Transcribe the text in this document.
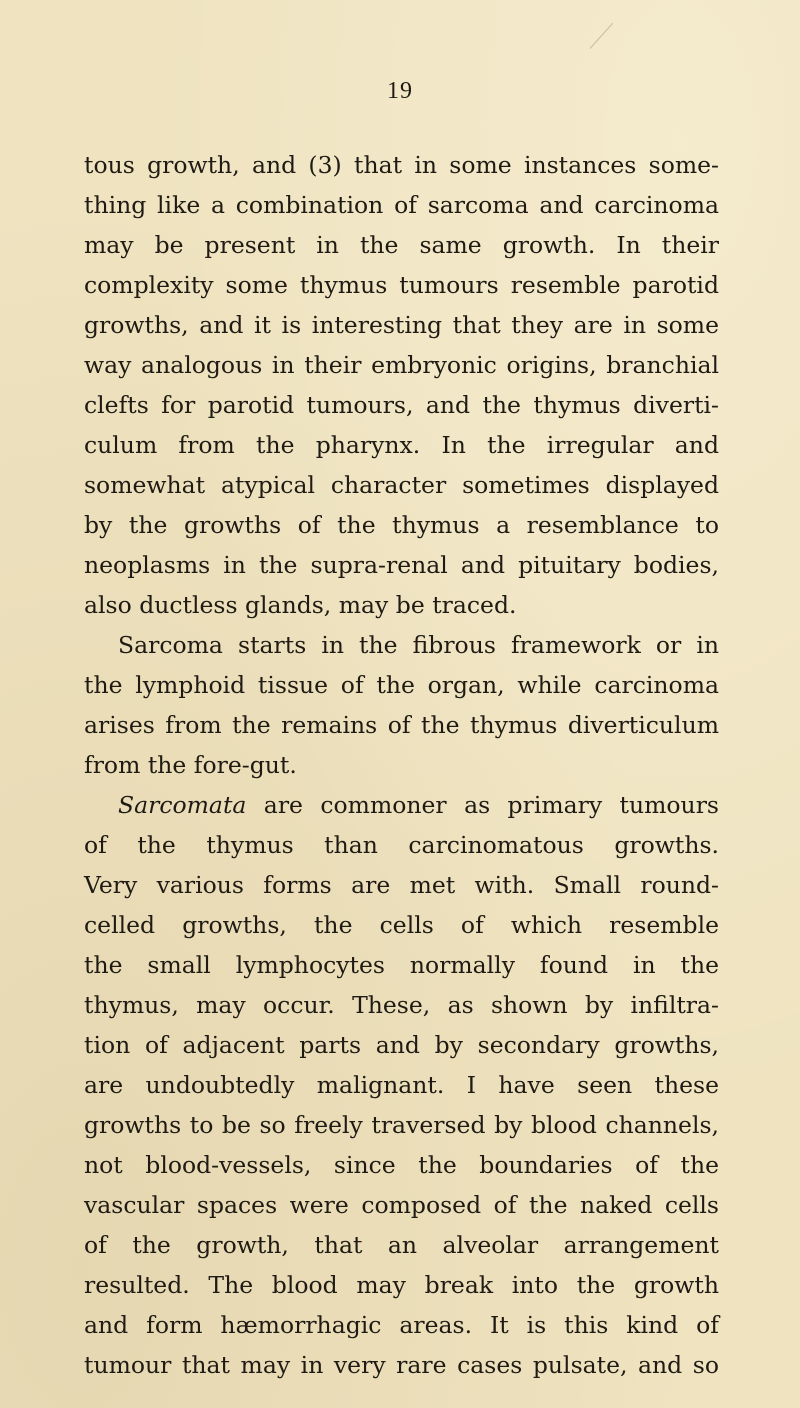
19
tous growth, and (3) that in some instances some-
thing like a combination of sarcoma and carcinoma
may be present in the same growth. In their
complexity some thymus tumours resemble parotid
growths, and it is interesting that they are in some
way analogous in their embryonic origins, branchial
clefts for parotid tumours, and the thymus diverti-
culum from the pharynx. In the irregular and
somewhat atypical character sometimes displayed
by the growths of the thymus a resemblance to
neoplasms in the supra-renal and pituitary bodies,
also ductless glands, may be traced.
Sarcoma starts in the fibrous framework or in
the lymphoid tissue of the organ, while carcinoma
arises from the remains of the thymus diverticulum
from the fore-gut.
Sarcomata are commoner as primary tumours
of the thymus than carcinomatous growths.
Very various forms are met with. Small round-
celled growths, the cells of which resemble
the small lymphocytes normally found in the
thymus, may occur. These, as shown by infiltra-
tion of adjacent parts and by secondary growths,
are undoubtedly malignant. I have seen these
growths to be so freely traversed by blood channels,
not blood-vessels, since the boundaries of the
vascular spaces were composed of the naked cells
of the growth, that an alveolar arrangement
resulted. The blood may break into the growth
and form hæmorrhagic areas. It is this kind of
tumour that may in very rare cases pulsate, and so
